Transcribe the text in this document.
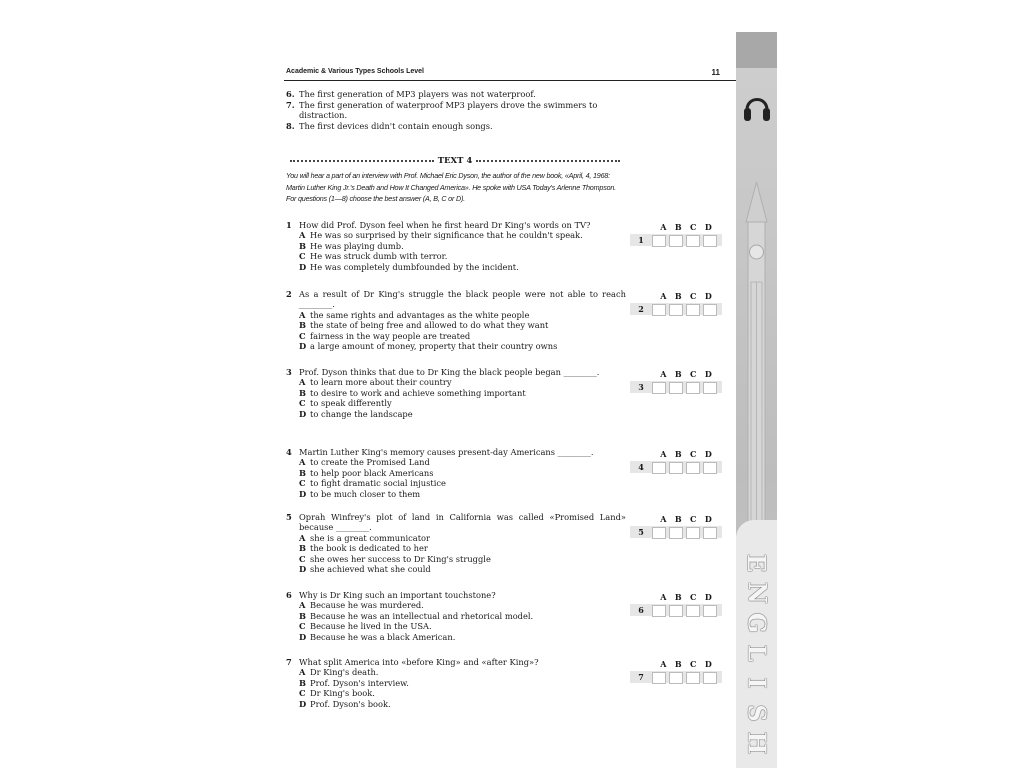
Academic & Various Types Schools Level	11
6. The first generation of MP3 players was not waterproof.
7. The first generation of waterproof MP3 players drove the swimmers to distraction.
8. The first devices didn't contain enough songs.
TEXT 4
You will hear a part of an interview with Prof. Michael Eric Dyson, the author of the new book, «April, 4, 1968: Martin Luther King Jr.'s Death and How It Changed America». He spoke with USA Today's Arlenne Thompson. For questions (1—8) choose the best answer (A, B, C or D).
1 How did Prof. Dyson feel when he first heard Dr King's words on TV?
A He was so surprised by their significance that he couldn't speak.
B He was playing dumb.
C He was struck dumb with terror.
D He was completely dumbfounded by the incident.
A B C D
1
2 As a result of Dr King's struggle the black people were not able to reach ________.
A the same rights and advantages as the white people
B the state of being free and allowed to do what they want
C fairness in the way people are treated
D a large amount of money, property that their country owns
A B C D
2
3 Prof. Dyson thinks that due to Dr King the black people began ________.
A to learn more about their country
B to desire to work and achieve something important
C to speak differently
D to change the landscape
A B C D
3
4 Martin Luther King's memory causes present-day Americans ________.
A to create the Promised Land
B to help poor black Americans
C to fight dramatic social injustice
D to be much closer to them
A B C D
4
5 Oprah Winfrey's plot of land in California was called «Promised Land» because ________.
A she is a great communicator
B the book is dedicated to her
C she owes her success to Dr King's struggle
D she achieved what she could
A B C D
5
6 Why is Dr King such an important touchstone?
A Because he was murdered.
B Because he was an intellectual and rhetorical model.
C Because he lived in the USA.
D Because he was a black American.
A B C D
6
7 What split America into «before King» and «after King»?
A Dr King's death.
B Prof. Dyson's interview.
C Dr King's book.
D Prof. Dyson's book.
A B C D
7
E
N
G
L
I
S
H
